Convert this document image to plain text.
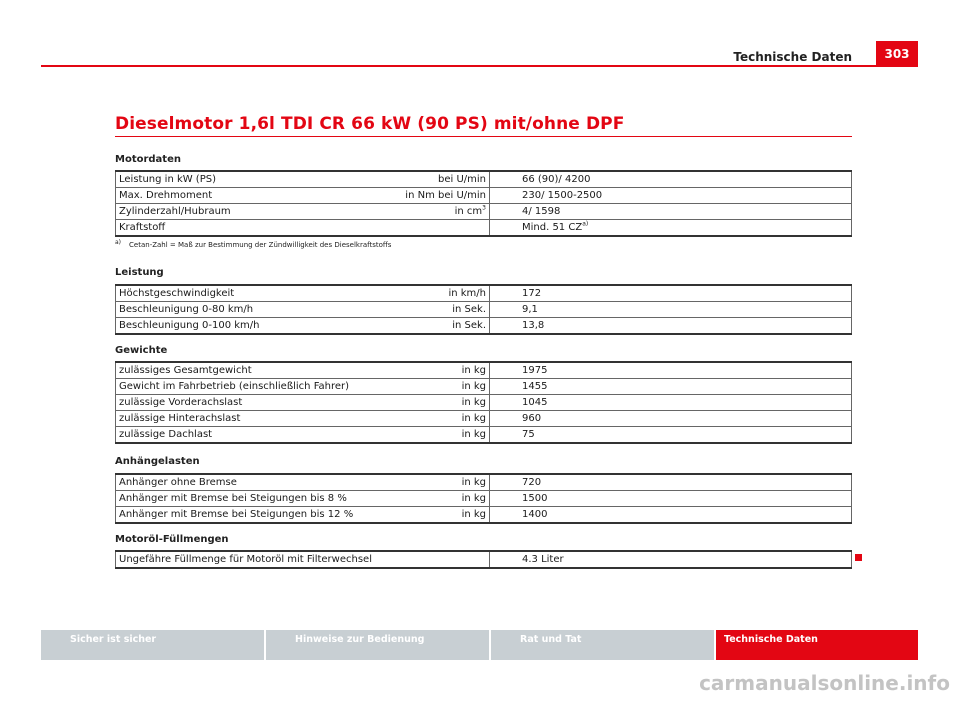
Technische Daten	303
Dieselmotor 1,6l TDI CR 66 kW (90 PS) mit/ohne DPF
Motordaten
Leistung in kW (PS)	bei U/min	66 (90)/ 4200
Max. Drehmoment	in Nm bei U/min	230/ 1500-2500
Zylinderzahl/Hubraum	in $cm^3$	4/ 1598
Kraftstoff		Mind. 51 CZ$^{a)}$
$^{a)}$ Cetan-Zahl = Maß zur Bestimmung der Zündwilligkeit des Dieselkraftstoffs
Leistung
Höchstgeschwindigkeit	in km/h	172
Beschleunigung 0-80 km/h	in Sek.	9,1
Beschleunigung 0-100 km/h	in Sek.	13,8
Gewichte
zulässiges Gesamtgewicht	in kg	1975
Gewicht im Fahrbetrieb (einschließlich Fahrer)	in kg	1455
zulässige Vorderachslast	in kg	1045
zulässige Hinterachslast	in kg	960
zulässige Dachlast	in kg	75
Anhängelasten
Anhänger ohne Bremse	in kg	720
Anhänger mit Bremse bei Steigungen bis 8 %	in kg	1500
Anhänger mit Bremse bei Steigungen bis 12 %	in kg	1400
Motoröl-Füllmengen
Ungefähre Füllmenge für Motoröl mit Filterwechsel		4.3 Liter
Sicher ist sicher	Hinweise zur Bedienung	Rat und Tat	Technische Daten
carmanualsonline.info
